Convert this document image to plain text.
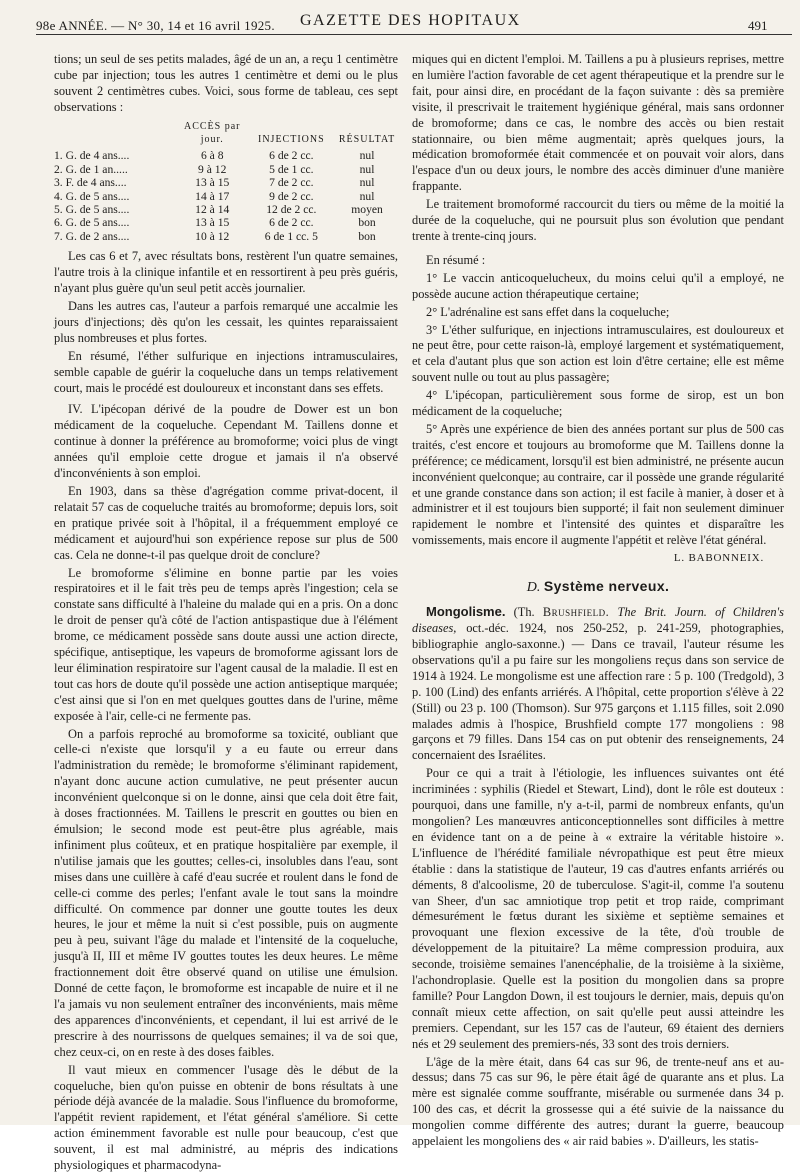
98e ANNÉE. — N° 30, 14 et 16 avril 1925. GAZETTE DES HOPITAUX	491

tions; un seul de ses petits malades, âgé de un an, a reçu 1 centimètre cube par injection; tous les autres 1 centimètre et demi ou le plus souvent 2 centimètres cubes. Voici, sous forme de tableau, ces sept observations :

	ACCÈS par jour.	INJECTIONS	RÉSULTAT
1. G. de 4 ans....	6 à 8	6 de 2 cc.	nul
2. G. de 1 an.....	9 à 12	5 de 1 cc.	nul
3. F. de 4 ans....	13 à 15	7 de 2 cc.	nul
4. G. de 5 ans....	14 à 17	9 de 2 cc.	nul
5. G. de 5 ans....	12 à 14	12 de 2 cc.	moyen
6. G. de 5 ans....	13 à 15	6 de 2 cc.	bon
7. G. de 2 ans....	10 à 12	6 de 1 cc. 5	bon

Les cas 6 et 7, avec résultats bons, restèrent l'un quatre semaines, l'autre trois à la clinique infantile et en ressortirent à peu près guéris, n'ayant plus guère qu'un seul petit accès journalier.

Dans les autres cas, l'auteur a parfois remarqué une accalmie les jours d'injections; dès qu'on les cessait, les quintes reparaissaient plus nombreuses et plus fortes.

En résumé, l'éther sulfurique en injections intramusculaires, semble capable de guérir la coqueluche dans un temps relativement court, mais le procédé est douloureux et inconstant dans ses effets.

IV. L'ipécopan dérivé de la poudre de Dower est un bon médicament de la coqueluche. Cependant M. Taillens donne et continue à donner la préférence au bromoforme; voici plus de vingt années qu'il emploie cette drogue et jamais il n'a observé d'inconvénients à son emploi.

En 1903, dans sa thèse d'agrégation comme privat-docent, il relatait 57 cas de coqueluche traités au bromoforme; depuis lors, soit en pratique privée soit à l'hôpital, il a fréquemment employé ce médicament et aujourd'hui son expérience repose sur plus de 500 cas. Cela ne donne-t-il pas quelque droit de conclure?

Le bromoforme s'élimine en bonne partie par les voies respiratoires et il le fait très peu de temps après l'ingestion; cela se constate sans difficulté à l'haleine du malade qui en a pris. On a donc le droit de penser qu'à côté de l'action antispastique due à l'élément brome, ce médicament possède sans doute aussi une action directe, spécifique, antiseptique, les vapeurs de bromoforme agissant lors de leur élimination respiratoire sur l'agent causal de la maladie. Il est en tout cas hors de doute qu'il possède une action antiseptique marquée; c'est ainsi que si l'on en met quelques gouttes dans de l'urine, même exposée à l'air, celle-ci ne fermente pas.

On a parfois reproché au bromoforme sa toxicité, oubliant que celle-ci n'existe que lorsqu'il y a eu faute ou erreur dans l'administration du remède; le bromoforme s'éliminant rapidement, n'ayant donc aucune action cumulative, ne peut présenter aucun inconvénient quelconque si on le donne, ainsi que cela doit être fait, à doses fractionnées. M. Taillens le prescrit en gouttes ou bien en émulsion; le second mode est peut-être plus agréable, mais infiniment plus coûteux, et en pratique hospitalière par exemple, il n'utilise jamais que les gouttes; celles-ci, insolubles dans l'eau, sont mises dans une cuillère à café d'eau sucrée et roulent dans le fond de celle-ci comme des perles; l'enfant avale le tout sans la moindre difficulté. On commence par donner une goutte toutes les deux heures, le jour et même la nuit si c'est possible, puis on augmente peu à peu, suivant l'âge du malade et l'intensité de la coqueluche, jusqu'à II, III et même IV gouttes toutes les deux heures. Le même fractionnement doit être observé quand on utilise une émulsion. Donné de cette façon, le bromoforme est incapable de nuire et il ne l'a jamais vu non seulement entraîner des inconvénients, mais même des apparences d'inconvénients, et cependant, il lui est arrivé de le prescrire à des nourrissons de quelques semaines; il va de soi que, chez ceux-ci, on en reste à des doses faibles.

Il vaut mieux en commencer l'usage dès le début de la coqueluche, bien qu'on puisse en obtenir de bons résultats à une période déjà avancée de la maladie. Sous l'influence du bromoforme, l'appétit revient rapidement, et l'état général s'améliore. Si cette action éminemment favorable est nulle pour beaucoup, c'est que souvent, il est mal administré, au mépris des indications physiologiques et pharmacodyna-

miques qui en dictent l'emploi. M. Taillens a pu à plusieurs reprises, mettre en lumière l'action favorable de cet agent thérapeutique et la prendre sur le fait, pour ainsi dire, en procédant de la façon suivante : dès sa première visite, il prescrivait le traitement hygiénique général, mais sans ordonner de bromoforme; dans ce cas, le nombre des accès ou bien restait stationnaire, ou bien même augmentait; après quelques jours, la médication bromoformée était commencée et on pouvait voir alors, dans l'espace d'un ou deux jours, le nombre des accès diminuer d'une manière frappante.

Le traitement bromoformé raccourcit du tiers ou même de la moitié la durée de la coqueluche, qui ne poursuit plus son évolution que pendant trente à trente-cinq jours.

En résumé :

1° Le vaccin anticoquelucheux, du moins celui qu'il a employé, ne possède aucune action thérapeutique certaine;

2° L'adrénaline est sans effet dans la coqueluche;

3° L'éther sulfurique, en injections intramusculaires, est douloureux et ne peut être, pour cette raison-là, employé largement et systématiquement, et cela d'autant plus que son action est loin d'être certaine; elle est même souvent nulle ou tout au plus passagère;

4° L'ipécopan, particulièrement sous forme de sirop, est un bon médicament de la coqueluche;

5° Après une expérience de bien des années portant sur plus de 500 cas traités, c'est encore et toujours au bromoforme que M. Taillens donne la préférence; ce médicament, lorsqu'il est bien administré, ne présente aucun inconvénient quelconque; au contraire, car il possède une grande régularité et une grande constance dans son action; il est facile à manier, à doser et à administrer et il est toujours bien supporté; il fait non seulement diminuer rapidement le nombre et l'intensité des quintes et disparaître les vomissements, mais encore il augmente l'appétit et relève l'état général.

L. BABONNEIX.
D. Système nerveux.

Mongolisme. (Th. Brushfield. The Brit. Journ. of Children's diseases, oct.-déc. 1924, nos 250-252, p. 241-259, photographies, bibliographie anglo-saxonne.) — Dans ce travail, l'auteur résume les observations qu'il a pu faire sur les mongoliens reçus dans son service de 1914 à 1924. Le mongolisme est une affection rare : 5 p. 100 (Tredgold), 3 p. 100 (Lind) des enfants arriérés. A l'hôpital, cette proportion s'élève à 22 (Still) ou 23 p. 100 (Thomson). Sur 975 garçons et 1.115 filles, soit 2.090 malades admis à l'hospice, Brushfield compte 177 mongoliens : 98 garçons et 79 filles. Dans 154 cas on put obtenir des renseignements, 24 concernaient des Israélites.

Pour ce qui a trait à l'étiologie, les influences suivantes ont été incriminées : syphilis (Riedel et Stewart, Lind), dont le rôle est douteux : pourquoi, dans une famille, n'y a-t-il, parmi de nombreux enfants, qu'un mongolien? Les manœuvres anticonceptionnelles sont difficiles à mettre en évidence tant on a de peine à « extraire la véritable histoire ». L'influence de l'hérédité familiale névropathique est peut être mieux établie : dans la statistique de l'auteur, 19 cas d'autres enfants arriérés ou déments, 8 d'alcoolisme, 20 de tuberculose. S'agit-il, comme l'a soutenu van Sheer, d'un sac amniotique trop petit et trop raide, comprimant démesurément le fœtus durant les sixième et septième semaines et provoquant une flexion excessive de la tête, d'où trouble de développement de la pituitaire? La même compression produira, aux seconde, troisième semaines l'anencéphalie, de la troisième à la sixième, l'achondroplasie. Quelle est la position du mongolien dans sa propre famille? Pour Langdon Down, il est toujours le dernier, mais, depuis qu'on connaît mieux cette affection, on sait qu'elle peut aussi atteindre les premiers. Cependant, sur les 157 cas de l'auteur, 69 étaient des derniers nés et 29 seulement des premiers-nés, 33 sont des trois derniers.

L'âge de la mère était, dans 64 cas sur 96, de trente-neuf ans et au-dessus; dans 75 cas sur 96, le père était âgé de quarante ans et plus. La mère est signalée comme souffrante, misérable ou surmenée dans 34 p. 100 des cas, et décrit la grossesse qui a été suivie de la naissance du mongolien comme différente des autres; durant la guerre, beaucoup appelaient les mongoliens des « air raid babies ». D'ailleurs, les statis-
